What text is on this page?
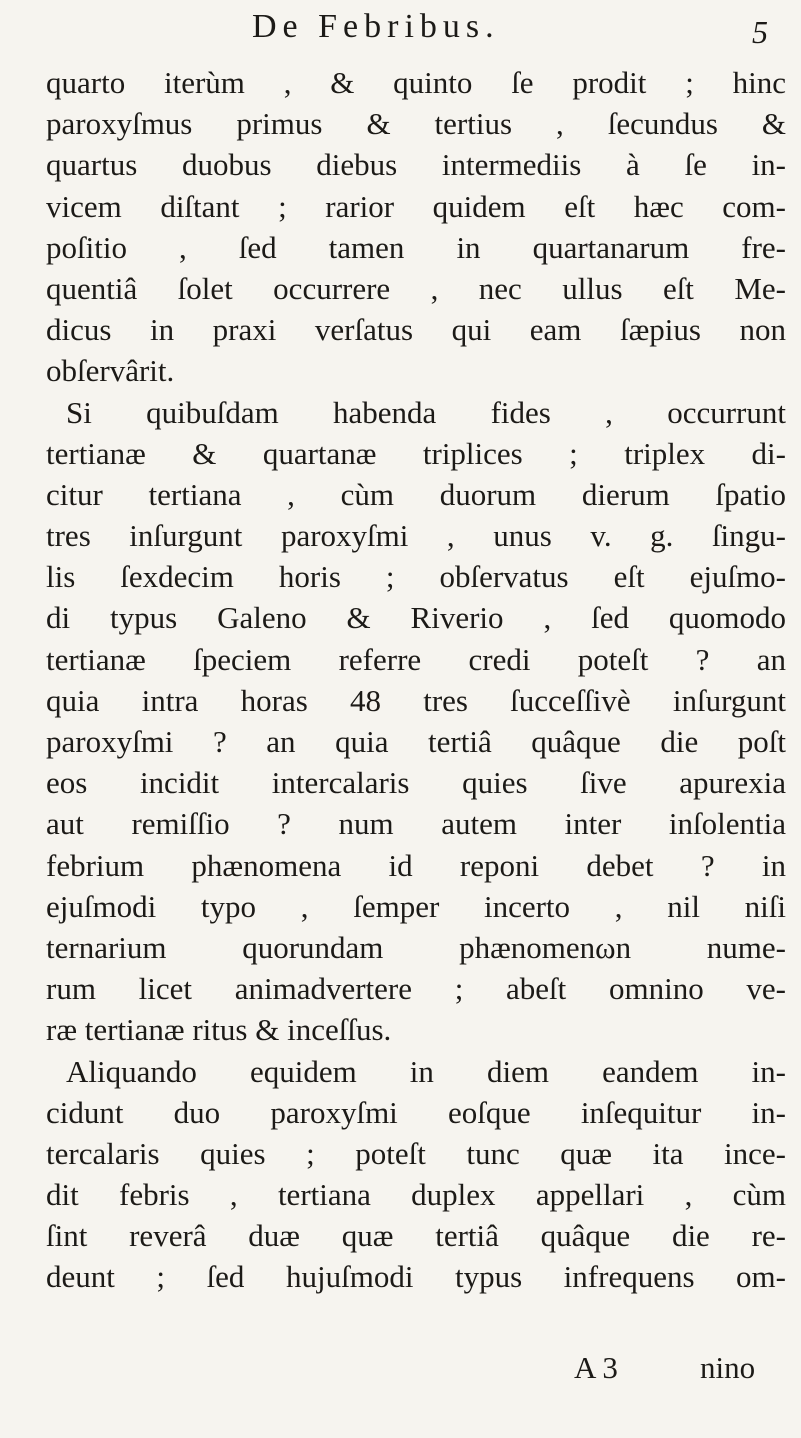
De Febribus.	5
quarto iterùm , & quinto ſe prodit ; hinc
paroxyſmus primus & tertius , ſecundus &
quartus duobus diebus intermediis à ſe in-
vicem diſtant ; rarior quidem eſt hæc com-
poſitio , ſed tamen in quartanarum fre-
quentiâ ſolet occurrere , nec ullus eſt Me-
dicus in praxi verſatus qui eam ſæpius non
obſervârit.
Si quibuſdam habenda fides , occurrunt
tertianæ & quartanæ triplices ; triplex di-
citur tertiana , cùm duorum dierum ſpatio
tres inſurgunt paroxyſmi , unus v. g. ſingu-
lis ſexdecim horis ; obſervatus eſt ejuſmo-
di typus Galeno & Riverio , ſed quomodo
tertianæ ſpeciem referre credi poteſt ? an
quia intra horas 48 tres ſucceſſivè inſurgunt
paroxyſmi ? an quia tertiâ quâque die poſt
eos incidit intercalaris quies ſive apurexia
aut remiſſio ? num autem inter inſolentia
febrium phænomena id reponi debet ? in
ejuſmodi typo , ſemper incerto , nil niſi
ternarium quorundam phænomenωn nume-
rum licet animadvertere ; abeſt omnino ve-
ræ tertianæ ritus & inceſſus.
Aliquando equidem in diem eandem in-
cidunt duo paroxyſmi eoſque inſequitur in-
tercalaris quies ; poteſt tunc quæ ita ince-
dit febris , tertiana duplex appellari , cùm
ſint reverâ duæ quæ tertiâ quâque die re-
deunt ; ſed hujuſmodi typus infrequens om-
A 3	nino
